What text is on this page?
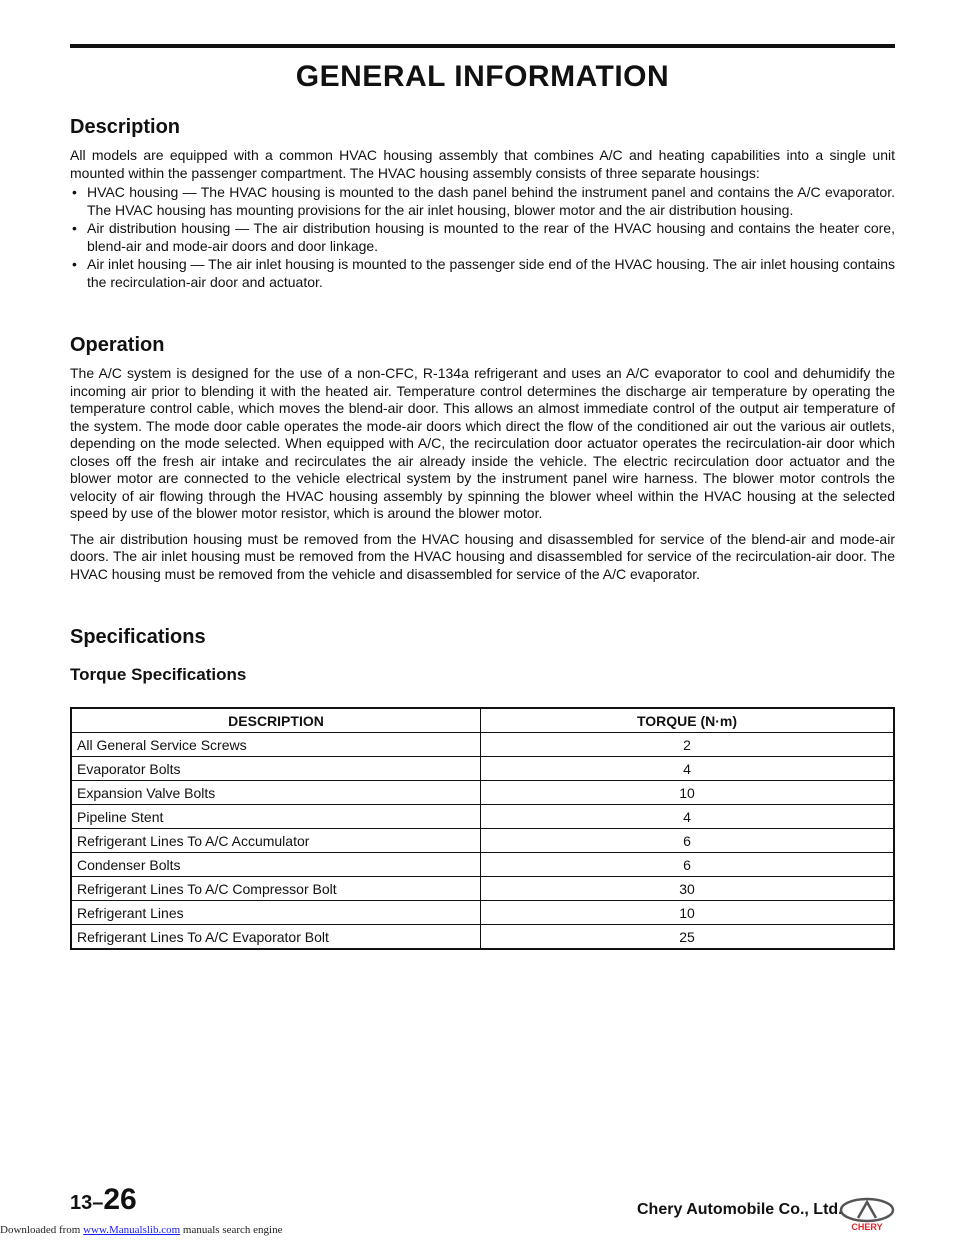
GENERAL INFORMATION
Description

All models are equipped with a common HVAC housing assembly that combines A/C and heating capabilities into a single unit mounted within the passenger compartment. The HVAC housing assembly consists of three separate housings:

• HVAC housing — The HVAC housing is mounted to the dash panel behind the instrument panel and contains the A/C evaporator. The HVAC housing has mounting provisions for the air inlet housing, blower motor and the air distribution housing.
• Air distribution housing — The air distribution housing is mounted to the rear of the HVAC housing and contains the heater core, blend-air and mode-air doors and door linkage.
• Air inlet housing — The air inlet housing is mounted to the passenger side end of the HVAC housing. The air inlet housing contains the recirculation-air door and actuator.
Operation

The A/C system is designed for the use of a non-CFC, R-134a refrigerant and uses an A/C evaporator to cool and dehumidify the incoming air prior to blending it with the heated air. Temperature control determines the discharge air temperature by operating the temperature control cable, which moves the blend-air door. This allows an almost immediate control of the output air temperature of the system. The mode door cable operates the mode-air doors which direct the flow of the conditioned air out the various air outlets, depending on the mode selected. When equipped with A/C, the recirculation door actuator operates the recirculation-air door which closes off the fresh air intake and recirculates the air already inside the vehicle. The electric recirculation door actuator and the blower motor are connected to the vehicle electrical system by the instrument panel wire harness. The blower motor controls the velocity of air flowing through the HVAC housing assembly by spinning the blower wheel within the HVAC housing at the selected speed by use of the blower motor resistor, which is around the blower motor.

The air distribution housing must be removed from the HVAC housing and disassembled for service of the blend-air and mode-air doors. The air inlet housing must be removed from the HVAC housing and disassembled for service of the recirculation-air door. The HVAC housing must be removed from the vehicle and disassembled for service of the A/C evaporator.

Specifications
Torque Specifications
DESCRIPTION	TORQUE (N·m)
All General Service Screws	2
Evaporator Bolts	4
Expansion Valve Bolts	10
Pipeline Stent	4
Refrigerant Lines To A/C Accumulator	6
Condenser Bolts	6
Refrigerant Lines To A/C Compressor Bolt	30
Refrigerant Lines	10
Refrigerant Lines To A/C Evaporator Bolt	25
13–26	Chery Automobile Co., Ltd.
CHERY
Downloaded from www.Manualslib.com manuals search engine
